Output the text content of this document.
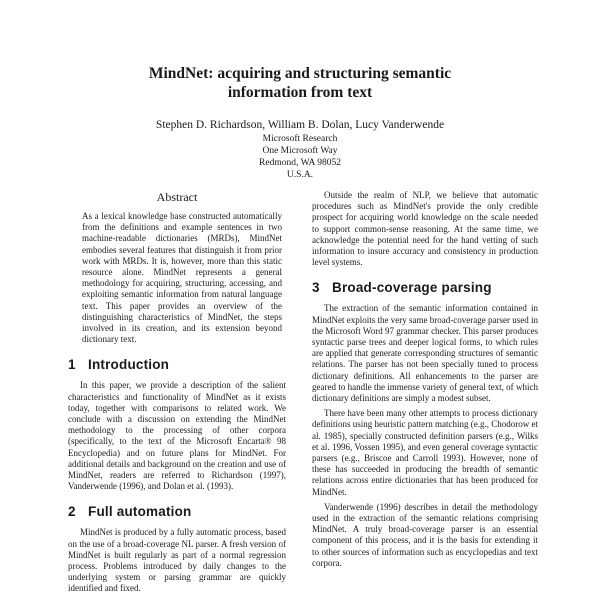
MindNet: acquiring and structuring semantic
information from text
Stephen D. Richardson, William B. Dolan, Lucy Vanderwende
Microsoft Research
One Microsoft Way
Redmond, WA 98052
U.S.A.
Abstract

As a lexical knowledge base constructed automatically from the definitions and example sentences in two machine-readable dictionaries (MRDs), MindNet embodies several features that distinguish it from prior work with MRDs. It is, however, more than this static resource alone. MindNet represents a general methodology for acquiring, structuring, accessing, and exploiting semantic information from natural language text. This paper provides an overview of the distinguishing characteristics of MindNet, the steps involved in its creation, and its extension beyond dictionary text.

1 Introduction

In this paper, we provide a description of the salient characteristics and functionality of MindNet as it exists today, together with comparisons to related work. We conclude with a discussion on extending the MindNet methodology to the processing of other corpora (specifically, to the text of the Microsoft Encarta® 98 Encyclopedia) and on future plans for MindNet. For additional details and background on the creation and use of MindNet, readers are referred to Richardson (1997), Vanderwende (1996), and Dolan et al. (1993).

2 Full automation

MindNet is produced by a fully automatic process, based on the use of a broad-coverage NL parser. A fresh version of MindNet is built regularly as part of a normal regression process. Problems introduced by daily changes to the underlying system or parsing grammar are quickly identified and fixed.

Outside the realm of NLP, we believe that automatic procedures such as MindNet's provide the only credible prospect for acquiring world knowledge on the scale needed to support common-sense reasoning. At the same time, we acknowledge the potential need for the hand vetting of such information to insure accuracy and consistency in production level systems.

3 Broad-coverage parsing

The extraction of the semantic information contained in MindNet exploits the very same broad-coverage parser used in the Microsoft Word 97 grammar checker. This parser produces syntactic parse trees and deeper logical forms, to which rules are applied that generate corresponding structures of semantic relations. The parser has not been specially tuned to process dictionary definitions. All enhancements to the parser are geared to handle the immense variety of general text, of which dictionary definitions are simply a modest subset.

There have been many other attempts to process dictionary definitions using heuristic pattern matching (e.g., Chodorow et al. 1985), specially constructed definition parsers (e.g., Wilks et al. 1996, Vossen 1995), and even general coverage syntactic parsers (e.g., Briscoe and Carroll 1993). However, none of these has succeeded in producing the breadth of semantic relations across entire dictionaries that has been produced for MindNet.

Vanderwende (1996) describes in detail the methodology used in the extraction of the semantic relations comprising MindNet. A truly broad-coverage parser is an essential component of this process, and it is the basis for extending it to other sources of information such as encyclopedias and text corpora.
